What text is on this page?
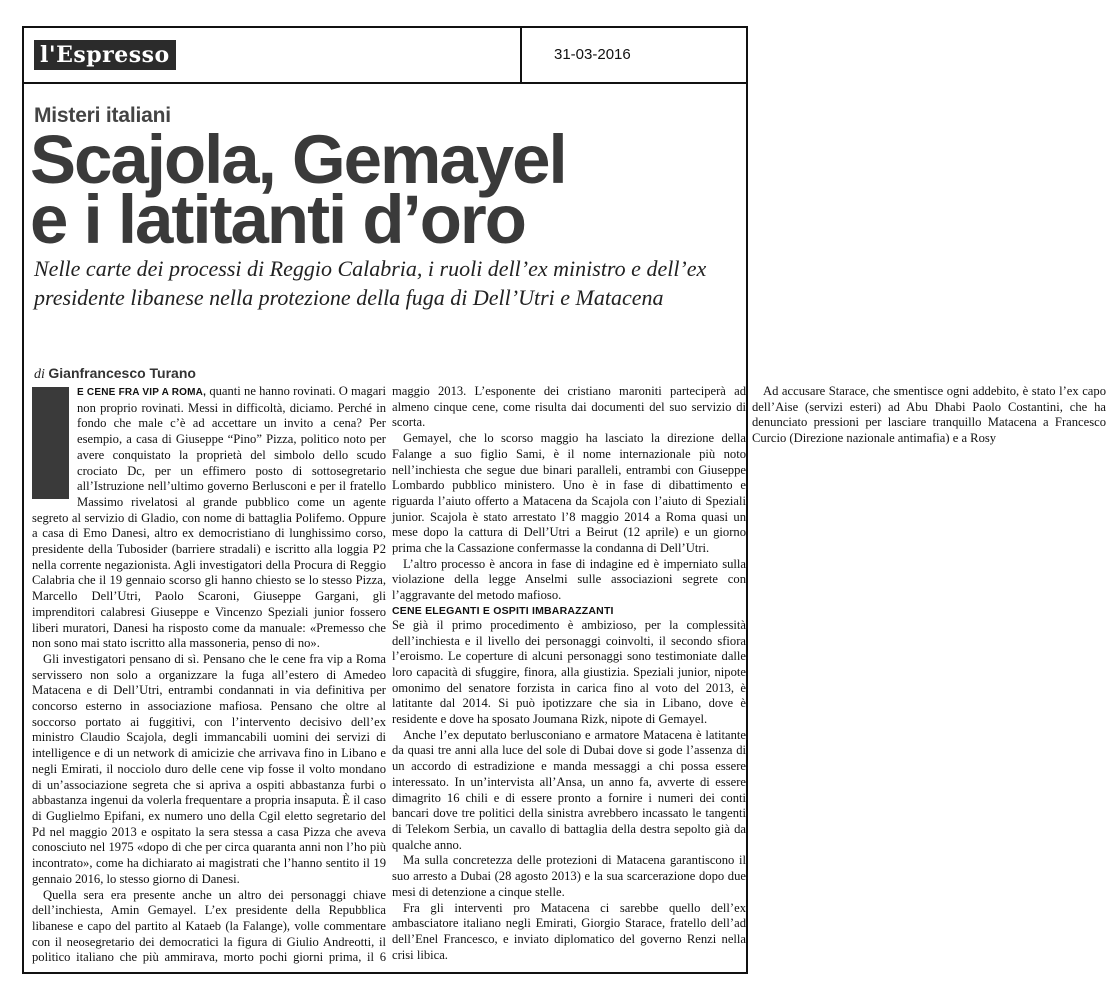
l'Espresso	31-03-2016
Misteri italiani
Scajola, Gemayel
e i latitanti d’oro
Nelle carte dei processi di Reggio Calabria, i ruoli dell’ex ministro e dell’ex presidente libanese nella protezione della fuga di Dell’Utri e Matacena
di Gianfrancesco Turano

E CENE FRA VIP A ROMA, quanti ne hanno rovinati. O magari non proprio rovinati. Messi in difficoltà, diciamo. Perché in fondo che male c’è ad accettare un invito a cena? Per esempio, a casa di Giuseppe “Pino” Pizza, politico noto per avere conquistato la proprietà del simbolo dello scudo crociato Dc, per un effimero posto di sottosegretario all’Istruzione nell’ultimo governo Berlusconi e per il fratello Massimo rivelatosi al grande pubblico come un agente segreto al servizio di Gladio, con nome di battaglia Polifemo. Oppure a casa di Emo Danesi, altro ex democristiano di lunghissimo corso, presidente della Tubosider (barriere stradali) e iscritto alla loggia P2 nella corrente negazionista. Agli investigatori della Procura di Reggio Calabria che il 19 gennaio scorso gli hanno chiesto se lo stesso Pizza, Marcello Dell’Utri, Paolo Scaroni, Giuseppe Gargani, gli imprenditori calabresi Giuseppe e Vincenzo Speziali junior fossero liberi muratori, Danesi ha risposto come da manuale: «Premesso che non sono mai stato iscritto alla massoneria, penso di no».

Gli investigatori pensano di sì. Pensano che le cene fra vip a Roma servissero non solo a organizzare la fuga all’estero di Amedeo Matacena e di Dell’Utri, entrambi condannati in via definitiva per concorso esterno in associazione mafiosa. Pensano che oltre al soccorso portato ai fuggitivi, con l’intervento decisivo dell’ex ministro Claudio Scajola, degli immancabili uomini dei servizi di intelligence e di un network di amicizie che arrivava fino in Libano e negli Emirati, il nocciolo duro delle cene vip fosse il volto mondano di un’associazione segreta che si apriva a ospiti abbastanza furbi o abbastanza ingenui da volerla frequentare a propria insaputa. È il caso di Guglielmo Epifani, ex numero uno della Cgil eletto segretario del Pd nel maggio 2013 e ospitato la sera stessa a casa Pizza che aveva conosciuto nel 1975 «dopo di che per circa quaranta anni non l’ho più incontrato», come ha dichiarato ai magistrati che l’hanno sentito il 19 gennaio 2016, lo stesso giorno di Danesi.

Quella sera era presente anche un altro dei personaggi chiave dell’inchiesta, Amin Gemayel. L’ex presidente della Repubblica libanese e capo del partito al Kataeb (la Falange), volle commentare con il neosegretario dei democratici la figura di Giulio Andreotti, il politico italiano che più ammirava, morto pochi giorni prima, il 6 maggio 2013. L’esponente dei cristiano maroniti parteciperà ad almeno cinque cene, come risulta dai documenti del suo servizio di scorta.

Gemayel, che lo scorso maggio ha lasciato la direzione della Falange a suo figlio Sami, è il nome internazionale più noto nell’inchiesta che segue due binari paralleli, entrambi con Giuseppe Lombardo pubblico ministero. Uno è in fase di dibattimento e riguarda l’aiuto offerto a Matacena da Scajola con l’aiuto di Speziali junior. Scajola è stato arrestato l’8 maggio 2014 a Roma quasi un mese dopo la cattura di Dell’Utri a Beirut (12 aprile) e un giorno prima che la Cassazione confermasse la condanna di Dell’Utri.

L’altro processo è ancora in fase di indagine ed è imperniato sulla violazione della legge Anselmi sulle associazioni segrete con l’aggravante del metodo mafioso.

CENE ELEGANTI E OSPITI IMBARAZZANTI

Se già il primo procedimento è ambizioso, per la complessità dell’inchiesta e il livello dei personaggi coinvolti, il secondo sfiora l’eroismo. Le coperture di alcuni personaggi sono testimoniate dalle loro capacità di sfuggire, finora, alla giustizia. Speziali junior, nipote omonimo del senatore forzista in carica fino al voto del 2013, è latitante dal 2014. Si può ipotizzare che sia in Libano, dove è residente e dove ha sposato Joumana Rizk, nipote di Gemayel.

Anche l’ex deputato berlusconiano e armatore Matacena è latitante da quasi tre anni alla luce del sole di Dubai dove si gode l’assenza di un accordo di estradizione e manda messaggi a chi possa essere interessato. In un’intervista all’Ansa, un anno fa, avverte di essere dimagrito 16 chili e di essere pronto a fornire i numeri dei conti bancari dove tre politici della sinistra avrebbero incassato le tangenti di Telekom Serbia, un cavallo di battaglia della destra sepolto già da qualche anno.

Ma sulla concretezza delle protezioni di Matacena garantiscono il suo arresto a Dubai (28 agosto 2013) e la sua scarcerazione dopo due mesi di detenzione a cinque stelle.

Fra gli interventi pro Matacena ci sarebbe quello dell’ex ambasciatore italiano negli Emirati, Giorgio Starace, fratello dell’ad dell’Enel Francesco, e inviato diplomatico del governo Renzi nella crisi libica.

Ad accusare Starace, che smentisce ogni addebito, è stato l’ex capo dell’Aise (servizi esteri) ad Abu Dhabi Paolo Costantini, che ha denunciato pressioni per lasciare tranquillo Matacena a Francesco Curcio (Direzione nazionale antimafia) e a Rosy
